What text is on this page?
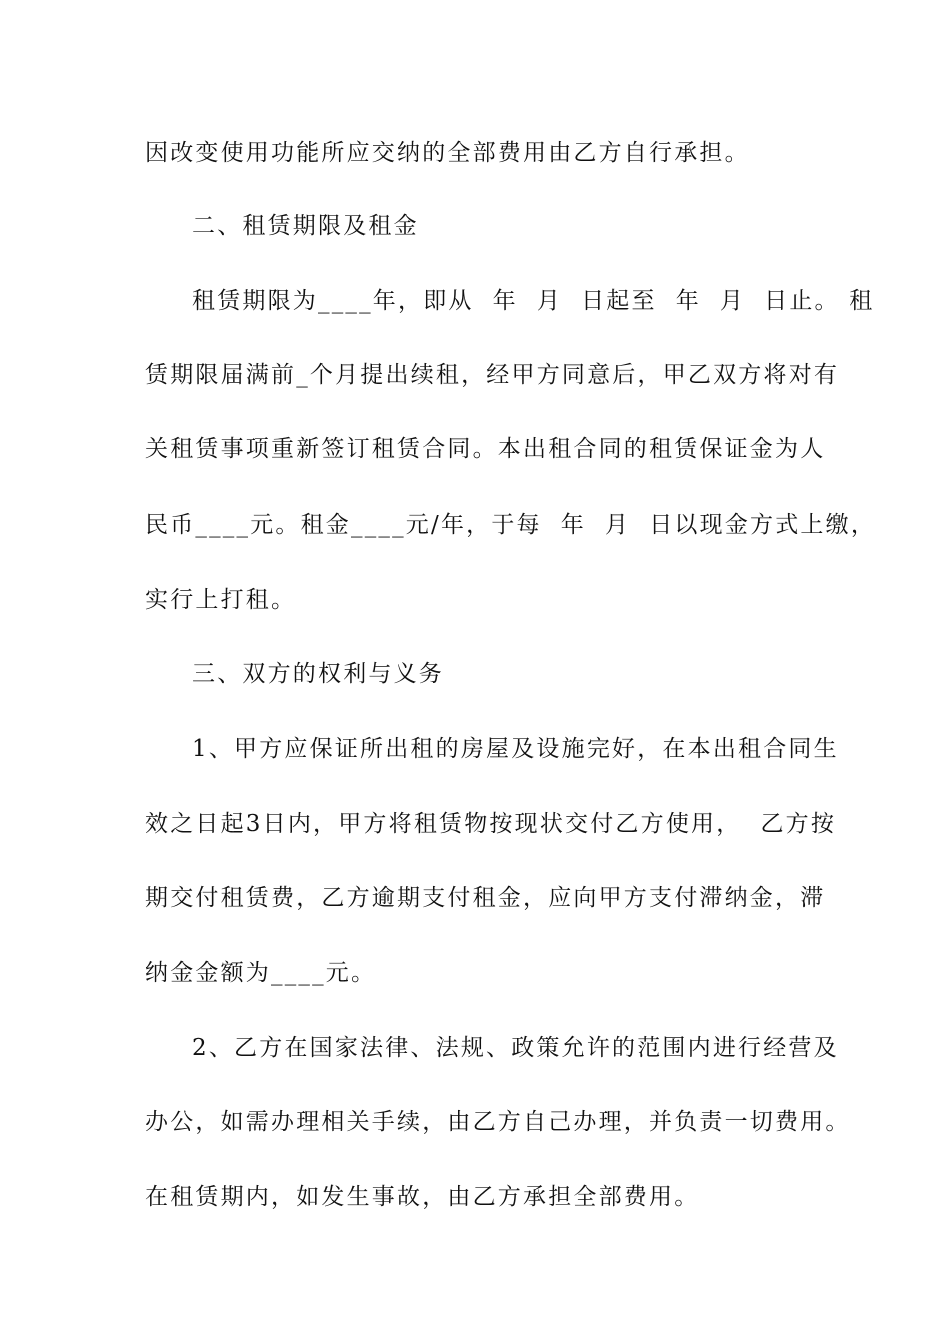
因改变使用功能所应交纳的全部费用由乙方自行承担。
二、租赁期限及租金
租赁期限为____年，即从  年  月  日起至  年  月  日止。 租
赁期限届满前_个月提出续租，经甲方同意后，甲乙双方将对有
关租赁事项重新签订租赁合同。本出租合同的租赁保证金为人
民币____元。租金____元/年，于每  年  月  日以现金方式上缴，
实行上打租。
三、双方的权利与义务
1、甲方应保证所出租的房屋及设施完好，在本出租合同生
效之日起3日内，甲方将租赁物按现状交付乙方使用，  乙方按
期交付租赁费，乙方逾期支付租金，应向甲方支付滞纳金，滞
纳金金额为____元。
2、乙方在国家法律、法规、政策允许的范围内进行经营及
办公，如需办理相关手续，由乙方自己办理，并负责一切费用。
在租赁期内，如发生事故，由乙方承担全部费用。
